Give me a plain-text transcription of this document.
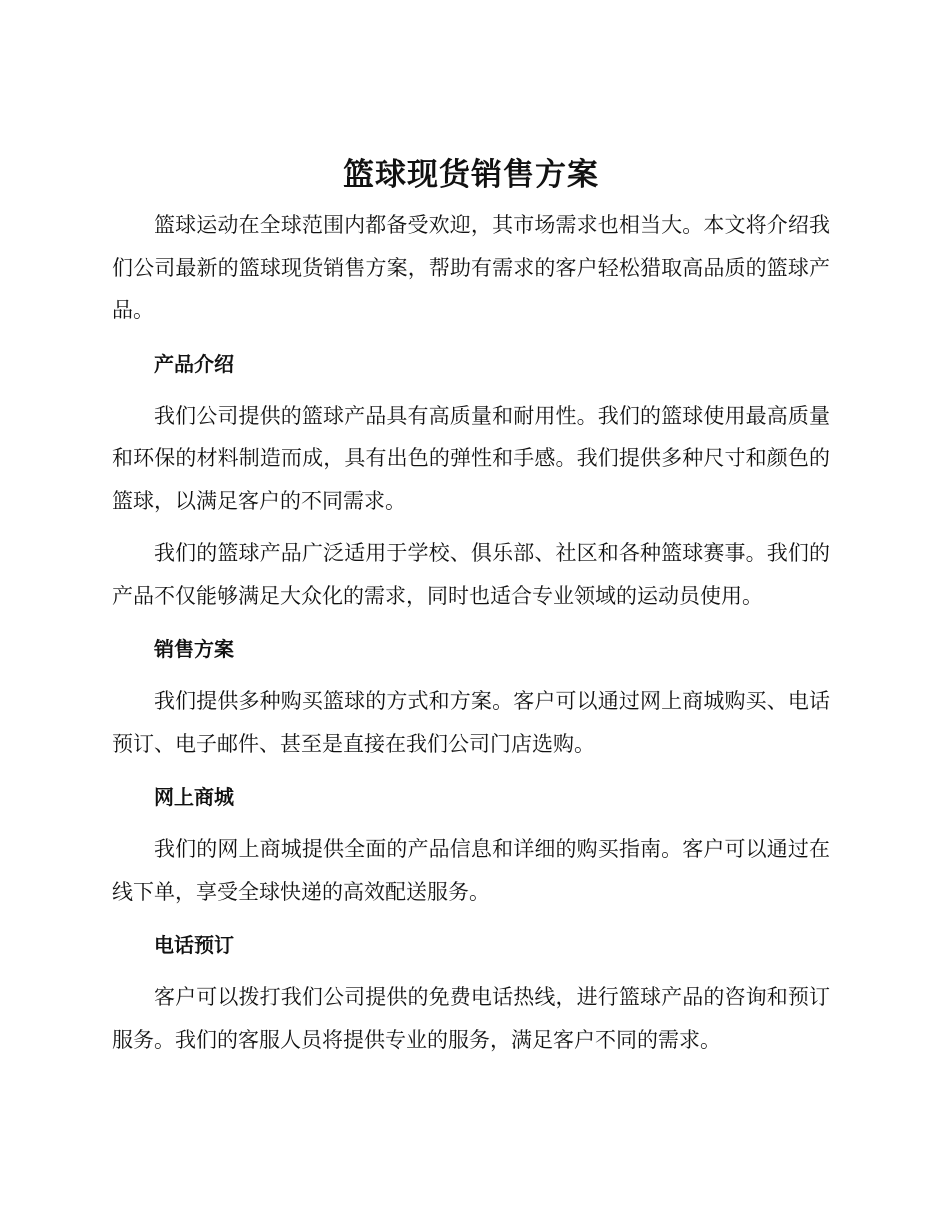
篮球现货销售方案

篮球运动在全球范围内都备受欢迎，其市场需求也相当大。本文将介绍我们公司最新的篮球现货销售方案，帮助有需求的客户轻松猎取高品质的篮球产品。

产品介绍

我们公司提供的篮球产品具有高质量和耐用性。我们的篮球使用最高质量和环保的材料制造而成，具有出色的弹性和手感。我们提供多种尺寸和颜色的篮球，以满足客户的不同需求。

我们的篮球产品广泛适用于学校、俱乐部、社区和各种篮球赛事。我们的产品不仅能够满足大众化的需求，同时也适合专业领域的运动员使用。

销售方案

我们提供多种购买篮球的方式和方案。客户可以通过网上商城购买、电话预订、电子邮件、甚至是直接在我们公司门店选购。

网上商城

我们的网上商城提供全面的产品信息和详细的购买指南。客户可以通过在线下单，享受全球快递的高效配送服务。

电话预订

客户可以拨打我们公司提供的免费电话热线，进行篮球产品的咨询和预订服务。我们的客服人员将提供专业的服务，满足客户不同的需求。
